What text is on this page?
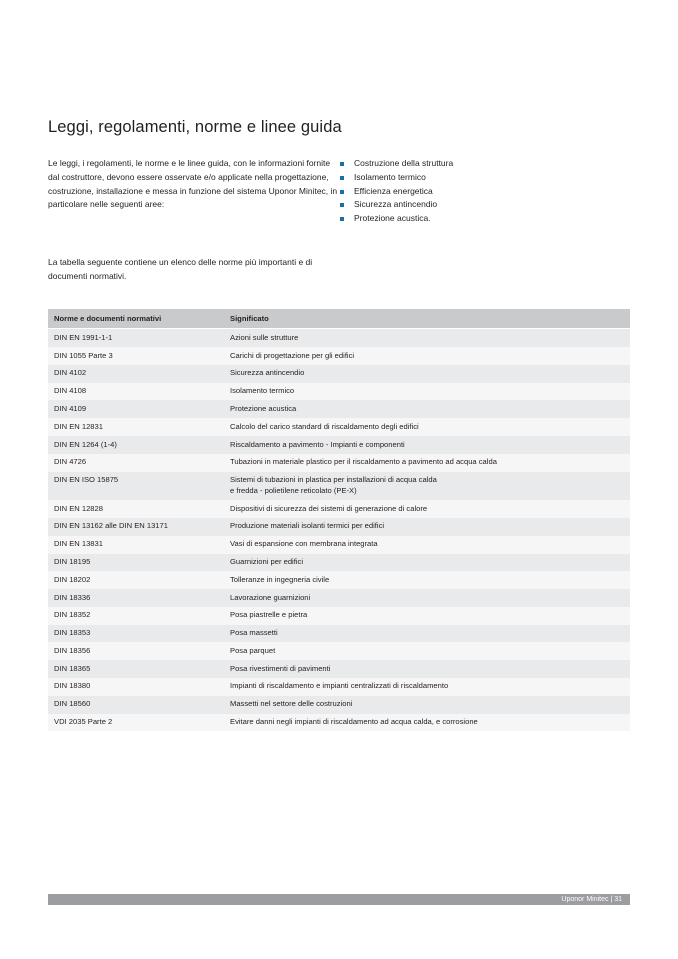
Leggi, regolamenti, norme e linee guida

Le leggi, i regolamenti, le norme e le linee guida, con le informazioni fornite dal costruttore, devono essere osservate e/o applicate nella progettazione, costruzione, installazione e messa in funzione del sistema Uponor Minitec, in particolare nelle seguenti aree:

Costruzione della struttura
Isolamento termico
Efficienza energetica
Sicurezza antincendio
Protezione acustica.

La tabella seguente contiene un elenco delle norme più importanti e di documenti normativi.

Norme e documenti normativi	Significato
DIN EN 1991-1-1	Azioni sulle strutture
DIN 1055 Parte 3	Carichi di progettazione per gli edifici
DIN 4102	Sicurezza antincendio
DIN 4108	Isolamento termico
DIN 4109	Protezione acustica
DIN EN 12831	Calcolo del carico standard di riscaldamento degli edifici
DIN EN 1264 (1-4)	Riscaldamento a pavimento - Impianti e componenti
DIN 4726	Tubazioni in materiale plastico per il riscaldamento a pavimento ad acqua calda
DIN EN ISO 15875	Sistemi di tubazioni in plastica per installazioni di acqua calda
e fredda - polietilene reticolato (PE-X)

DIN EN 12828	Dispositivi di sicurezza dei sistemi di generazione di calore
DIN EN 13162 alle DIN EN 13171	Produzione materiali isolanti termici per edifici
DIN EN 13831	Vasi di espansione con membrana integrata
DIN 18195	Guarnizioni per edifici
DIN 18202	Tolleranze in ingegneria civile
DIN 18336	Lavorazione guarnizioni
DIN 18352	Posa piastrelle e pietra
DIN 18353	Posa massetti
DIN 18356	Posa parquet
DIN 18365	Posa rivestimenti di pavimenti
DIN 18380	Impianti di riscaldamento e impianti centralizzati di riscaldamento
DIN 18560	Massetti nel settore delle costruzioni
VDI 2035 Parte 2	Evitare danni negli impianti di riscaldamento ad acqua calda, e corrosione
Uponor Minitec | 31
